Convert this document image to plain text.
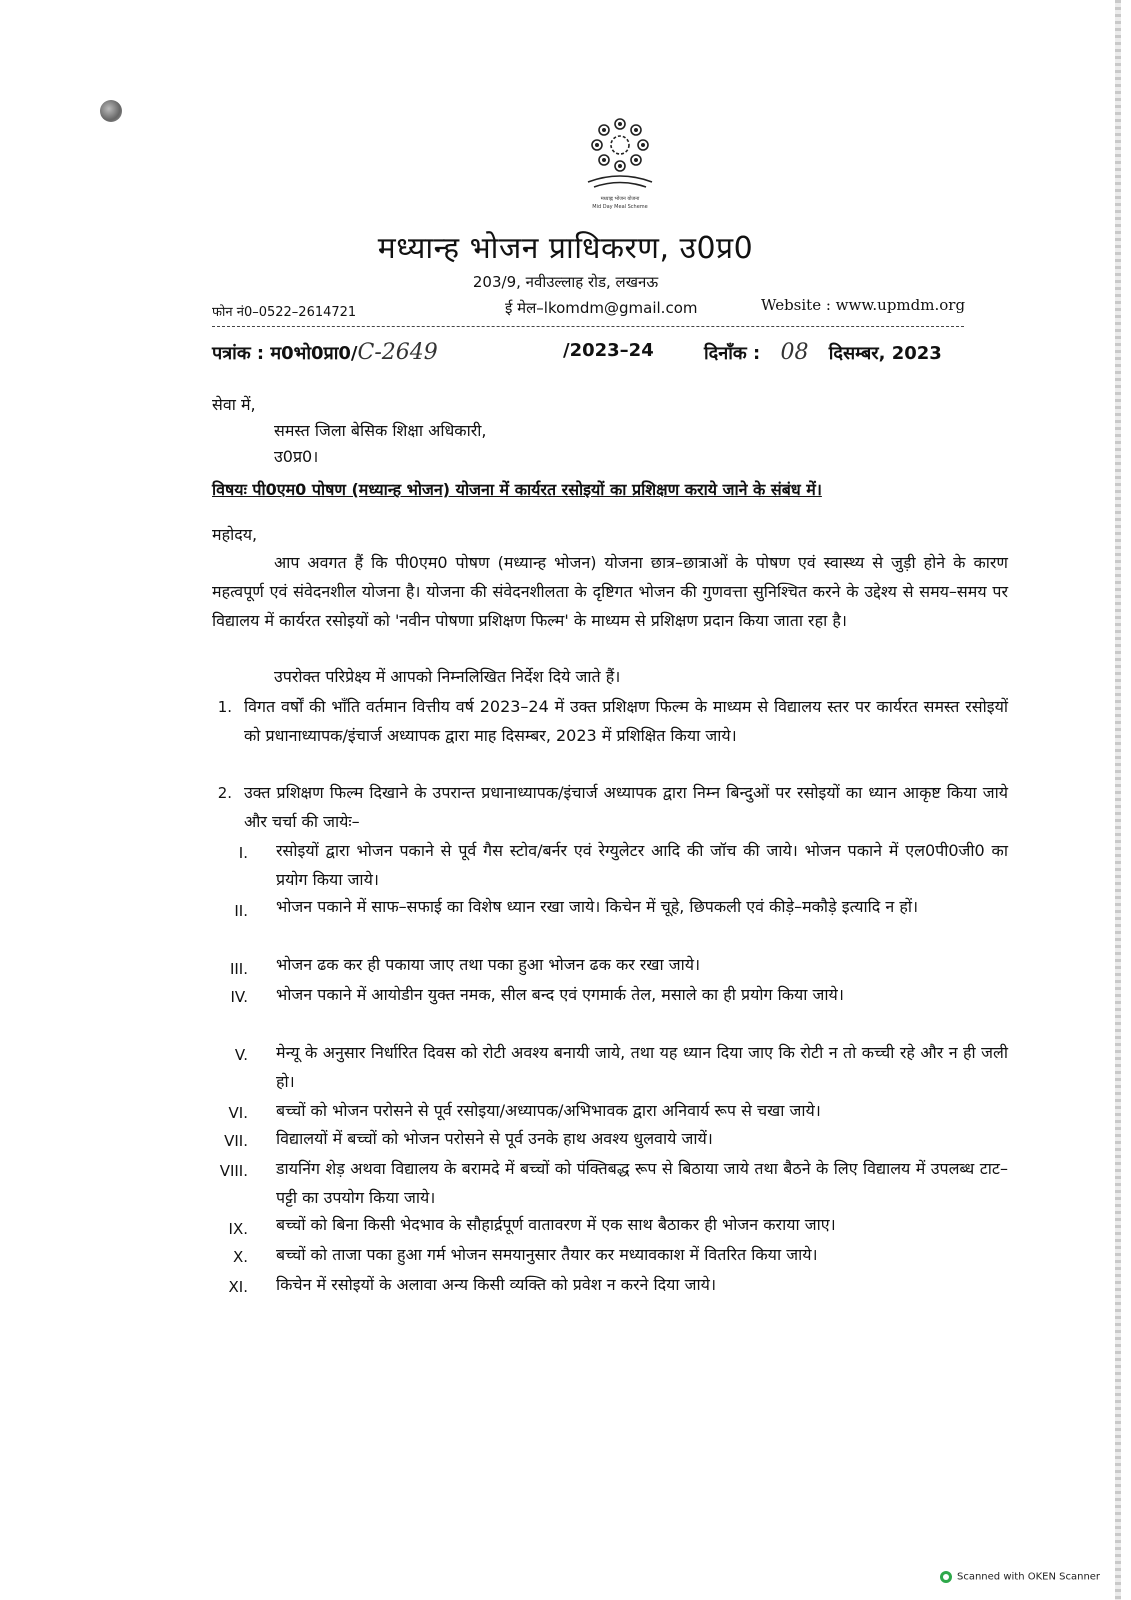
मध्याह्न भोजन योजना
Mid Day Meal Scheme
मध्यान्ह भोजन प्राधिकरण, उ0प्र0
203/9, नवीउल्लाह रोड, लखनऊ
फोन नं0–0522–2614721	ई मेल–lkomdm@gmail.com	Website : www.upmdm.org
पत्रांक : म0भो0प्रा0/C-2649	/2023–24	दिनाँक : 08 दिसम्बर, 2023
सेवा में,
समस्त जिला बेसिक शिक्षा अधिकारी,
उ0प्र0।
विषयः पी0एम0 पोषण (मध्यान्ह भोजन) योजना में कार्यरत रसोइयों का प्रशिक्षण कराये जाने के संबंध में।
महोदय,
आप अवगत हैं कि पी0एम0 पोषण (मध्यान्ह भोजन) योजना छात्र–छात्राओं के पोषण एवं स्वास्थ्य से जुड़ी होने के कारण महत्वपूर्ण एवं संवेदनशील योजना है। योजना की संवेदनशीलता के दृष्टिगत भोजन की गुणवत्ता सुनिश्चित करने के उद्देश्य से समय–समय पर विद्यालय में कार्यरत रसोइयों को 'नवीन पोषणा प्रशिक्षण फिल्म' के माध्यम से प्रशिक्षण प्रदान किया जाता रहा है।
उपरोक्त परिप्रेक्ष्य में आपको निम्नलिखित निर्देश दिये जाते हैं।
1. विगत वर्षों की भाँति वर्तमान वित्तीय वर्ष 2023–24 में उक्त प्रशिक्षण फिल्म के माध्यम से विद्यालय स्तर पर कार्यरत समस्त रसोइयों को प्रधानाध्यापक/इंचार्ज अध्यापक द्वारा माह दिसम्बर, 2023 में प्रशिक्षित किया जाये।
2. उक्त प्रशिक्षण फिल्म दिखाने के उपरान्त प्रधानाध्यापक/इंचार्ज अध्यापक द्वारा निम्न बिन्दुओं पर रसोइयों का ध्यान आकृष्ट किया जाये और चर्चा की जायेः–
I. रसोइयों द्वारा भोजन पकाने से पूर्व गैस स्टोव/बर्नर एवं रेग्युलेटर आदि की जॉच की जाये। भोजन पकाने में एल0पी0जी0 का प्रयोग किया जाये।
II. भोजन पकाने में साफ–सफाई का विशेष ध्यान रखा जाये। किचेन में चूहे, छिपकली एवं कीड़े–मकौड़े इत्यादि न हों।
III. भोजन ढक कर ही पकाया जाए तथा पका हुआ भोजन ढक कर रखा जाये।
IV. भोजन पकाने में आयोडीन युक्त नमक, सील बन्द एवं एगमार्क तेल, मसाले का ही प्रयोग किया जाये।
V. मेन्यू के अनुसार निर्धारित दिवस को रोटी अवश्य बनायी जाये, तथा यह ध्यान दिया जाए कि रोटी न तो कच्ची रहे और न ही जली हो।
VI. बच्चों को भोजन परोसने से पूर्व रसोइया/अध्यापक/अभिभावक द्वारा अनिवार्य रूप से चखा जाये।
VII. विद्यालयों में बच्चों को भोजन परोसने से पूर्व उनके हाथ अवश्य धुलवाये जायें।
VIII. डायनिंग शेड़ अथवा विद्यालय के बरामदे में बच्चों को पंक्तिबद्ध रूप से बिठाया जाये तथा बैठने के लिए विद्यालय में उपलब्ध टाट–पट्टी का उपयोग किया जाये।
IX. बच्चों को बिना किसी भेदभाव के सौहार्द्रपूर्ण वातावरण में एक साथ बैठाकर ही भोजन कराया जाए।
X. बच्चों को ताजा पका हुआ गर्म भोजन समयानुसार तैयार कर मध्यावकाश में वितरित किया जाये।
XI. किचेन में रसोइयों के अलावा अन्य किसी व्यक्ति को प्रवेश न करने दिया जाये।
Scanned with OKEN Scanner
